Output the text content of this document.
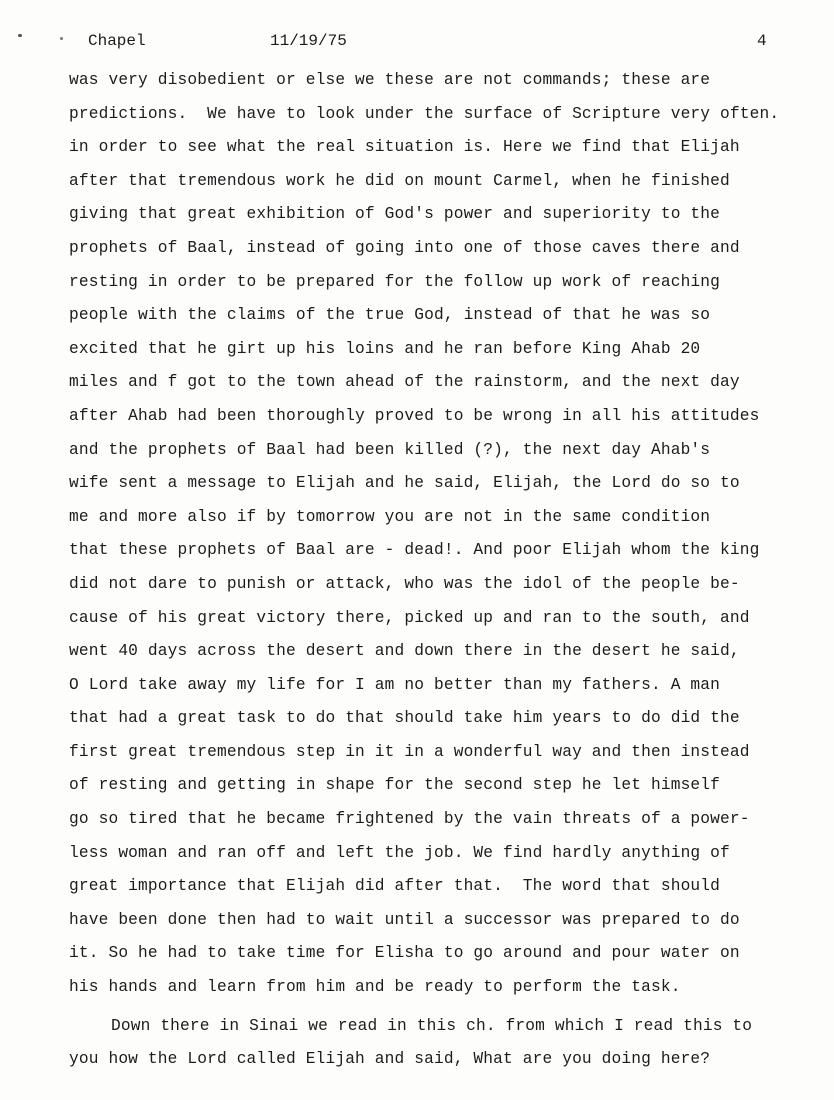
Chapel	11/19/75	4
was very disobedient or else we these are not commands; these are
predictions.  We have to look under the surface of Scripture very often.
in order to see what the real situation is. Here we find that Elijah
after that tremendous work he did on mount Carmel, when he finished
giving that great exhibition of God's power and superiority to the
prophets of Baal, instead of going into one of those caves there and
resting in order to be prepared for the follow up work of reaching
people with the claims of the true God, instead of that he was so
excited that he girt up his loins and he ran before King Ahab 20
miles and f got to the town ahead of the rainstorm, and the next day
after Ahab had been thoroughly proved to be wrong in all his attitudes
and the prophets of Baal had been killed (?), the next day Ahab's
wife sent a message to Elijah and he said, Elijah, the Lord do so to
me and more also if by tomorrow you are not in the same condition
that these prophets of Baal are - dead!. And poor Elijah whom the king
did not dare to punish or attack, who was the idol of the people be-
cause of his great victory there, picked up and ran to the south, and
went 40 days across the desert and down there in the desert he said,
O Lord take away my life for I am no better than my fathers. A man
that had a great task to do that should take him years to do did the
first great tremendous step in it in a wonderful way and then instead
of resting and getting in shape for the second step he let himself
go so tired that he became frightened by the vain threats of a power-
less woman and ran off and left the job. We find hardly anything of
great importance that Elijah did after that.  The word that should
have been done then had to wait until a successor was prepared to do
it. So he had to take time for Elisha to go around and pour water on
his hands and learn from him and be ready to perform the task.
Down there in Sinai we read in this ch. from which I read this to
you how the Lord called Elijah and said, What are you doing here?
